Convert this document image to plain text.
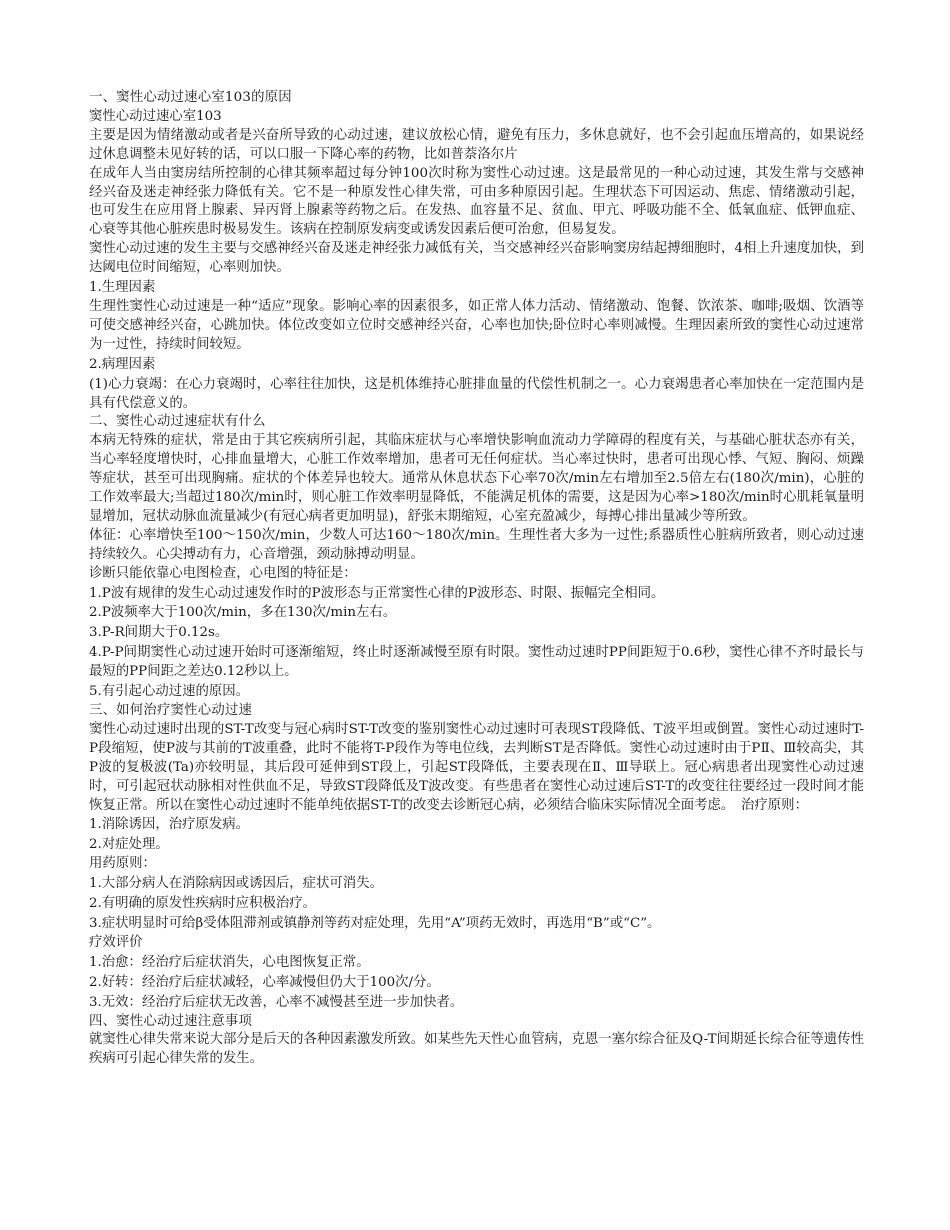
一、窦性心动过速心室103的原因

窦性心动过速心室103

主要是因为情绪激动或者是兴奋所导致的心动过速，建议放松心情，避免有压力，多休息就好，也不会引起血压增高的，如果说经过休息调整未见好转的话，可以口服一下降心率的药物，比如普萘洛尔片

在成年人当由窦房结所控制的心律其频率超过每分钟100次时称为窦性心动过速。这是最常见的一种心动过速，其发生常与交感神经兴奋及迷走神经张力降低有关。它不是一种原发性心律失常，可由多种原因引起。生理状态下可因运动、焦虑、情绪激动引起，也可发生在应用肾上腺素、异丙肾上腺素等药物之后。在发热、血容量不足、贫血、甲亢、呼吸功能不全、低氧血症、低钾血症、心衰等其他心脏疾患时极易发生。该病在控制原发病变或诱发因素后便可治愈，但易复发。

窦性心动过速的发生主要与交感神经兴奋及迷走神经张力减低有关，当交感神经兴奋影响窦房结起搏细胞时，4相上升速度加快，到达阈电位时间缩短，心率则加快。

1.生理因素

生理性窦性心动过速是一种“适应”现象。影响心率的因素很多，如正常人体力活动、情绪激动、饱餐、饮浓茶、咖啡;吸烟、饮酒等可使交感神经兴奋，心跳加快。体位改变如立位时交感神经兴奋，心率也加快;卧位时心率则减慢。生理因素所致的窦性心动过速常为一过性，持续时间较短。

2.病理因素

(1)心力衰竭：在心力衰竭时，心率往往加快，这是机体维持心脏排血量的代偿性机制之一。心力衰竭患者心率加快在一定范围内是具有代偿意义的。

二、窦性心动过速症状有什么

本病无特殊的症状，常是由于其它疾病所引起，其临床症状与心率增快影响血流动力学障碍的程度有关，与基础心脏状态亦有关，当心率轻度增快时，心排血量增大，心脏工作效率增加，患者可无任何症状。当心率过快时，患者可出现心悸、气短、胸闷、烦躁等症状，甚至可出现胸痛。症状的个体差异也较大。通常从休息状态下心率70次/min左右增加至2.5倍左右(180次/min)，心脏的工作效率最大;当超过180次/min时，则心脏工作效率明显降低，不能满足机体的需要，这是因为心率>180次/min时心肌耗氧量明显增加，冠状动脉血流量减少(有冠心病者更加明显)，舒张末期缩短，心室充盈减少，每搏心排出量减少等所致。

体征：心率增快至100～150次/min，少数人可达160～180次/min。生理性者大多为一过性;系器质性心脏病所致者，则心动过速持续较久。心尖搏动有力，心音增强，颈动脉搏动明显。

诊断只能依靠心电图检查，心电图的特征是：

1.P波有规律的发生心动过速发作时的P波形态与正常窦性心律的P波形态、时限、振幅完全相同。

2.P波频率大于100次/min，多在130次/min左右。

3.P-R间期大于0.12s。

4.P-P间期窦性心动过速开始时可逐渐缩短，终止时逐渐减慢至原有时限。窦性动过速时PP间距短于0.6秒，窦性心律不齐时最长与最短的PP间距之差达0.12秒以上。

5.有引起心动过速的原因。

三、如何治疗窦性心动过速

窦性心动过速时出现的ST-T改变与冠心病时ST-T改变的鉴别窦性心动过速时可表现ST段降低、T波平坦或倒置。窦性心动过速时T-P段缩短，使P波与其前的T波重叠，此时不能将T-P段作为等电位线，去判断ST是否降低。窦性心动过速时由于PⅡ、Ⅲ较高尖，其P波的复极波(Ta)亦较明显，其后段可延伸到ST段上，引起ST段降低，主要表现在Ⅱ、Ⅲ导联上。冠心病患者出现窦性心动过速时，可引起冠状动脉相对性供血不足，导致ST段降低及T波改变。有些患者在窦性心动过速后ST-T的改变往往要经过一段时间才能恢复正常。所以在窦性心动过速时不能单纯依据ST-T的改变去诊断冠心病，必须结合临床实际情况全面考虑。　治疗原则：

1.消除诱因，治疗原发病。

2.对症处理。

用药原则：

1.大部分病人在消除病因或诱因后，症状可消失。

2.有明确的原发性疾病时应积极治疗。

3.症状明显时可给β受体阻滞剂或镇静剂等药对症处理，先用“A”项药无效时，再选用“B”或“C”。

疗效评价

1.治愈：经治疗后症状消失，心电图恢复正常。

2.好转：经治疗后症状减轻，心率减慢但仍大于100次/分。

3.无效：经治疗后症状无改善，心率不减慢甚至进一步加快者。

四、窦性心动过速注意事项

就窦性心律失常来说大部分是后天的各种因素激发所致。如某些先天性心血管病，克恩一塞尔综合征及Q-T间期延长综合征等遗传性疾病可引起心律失常的发生。
